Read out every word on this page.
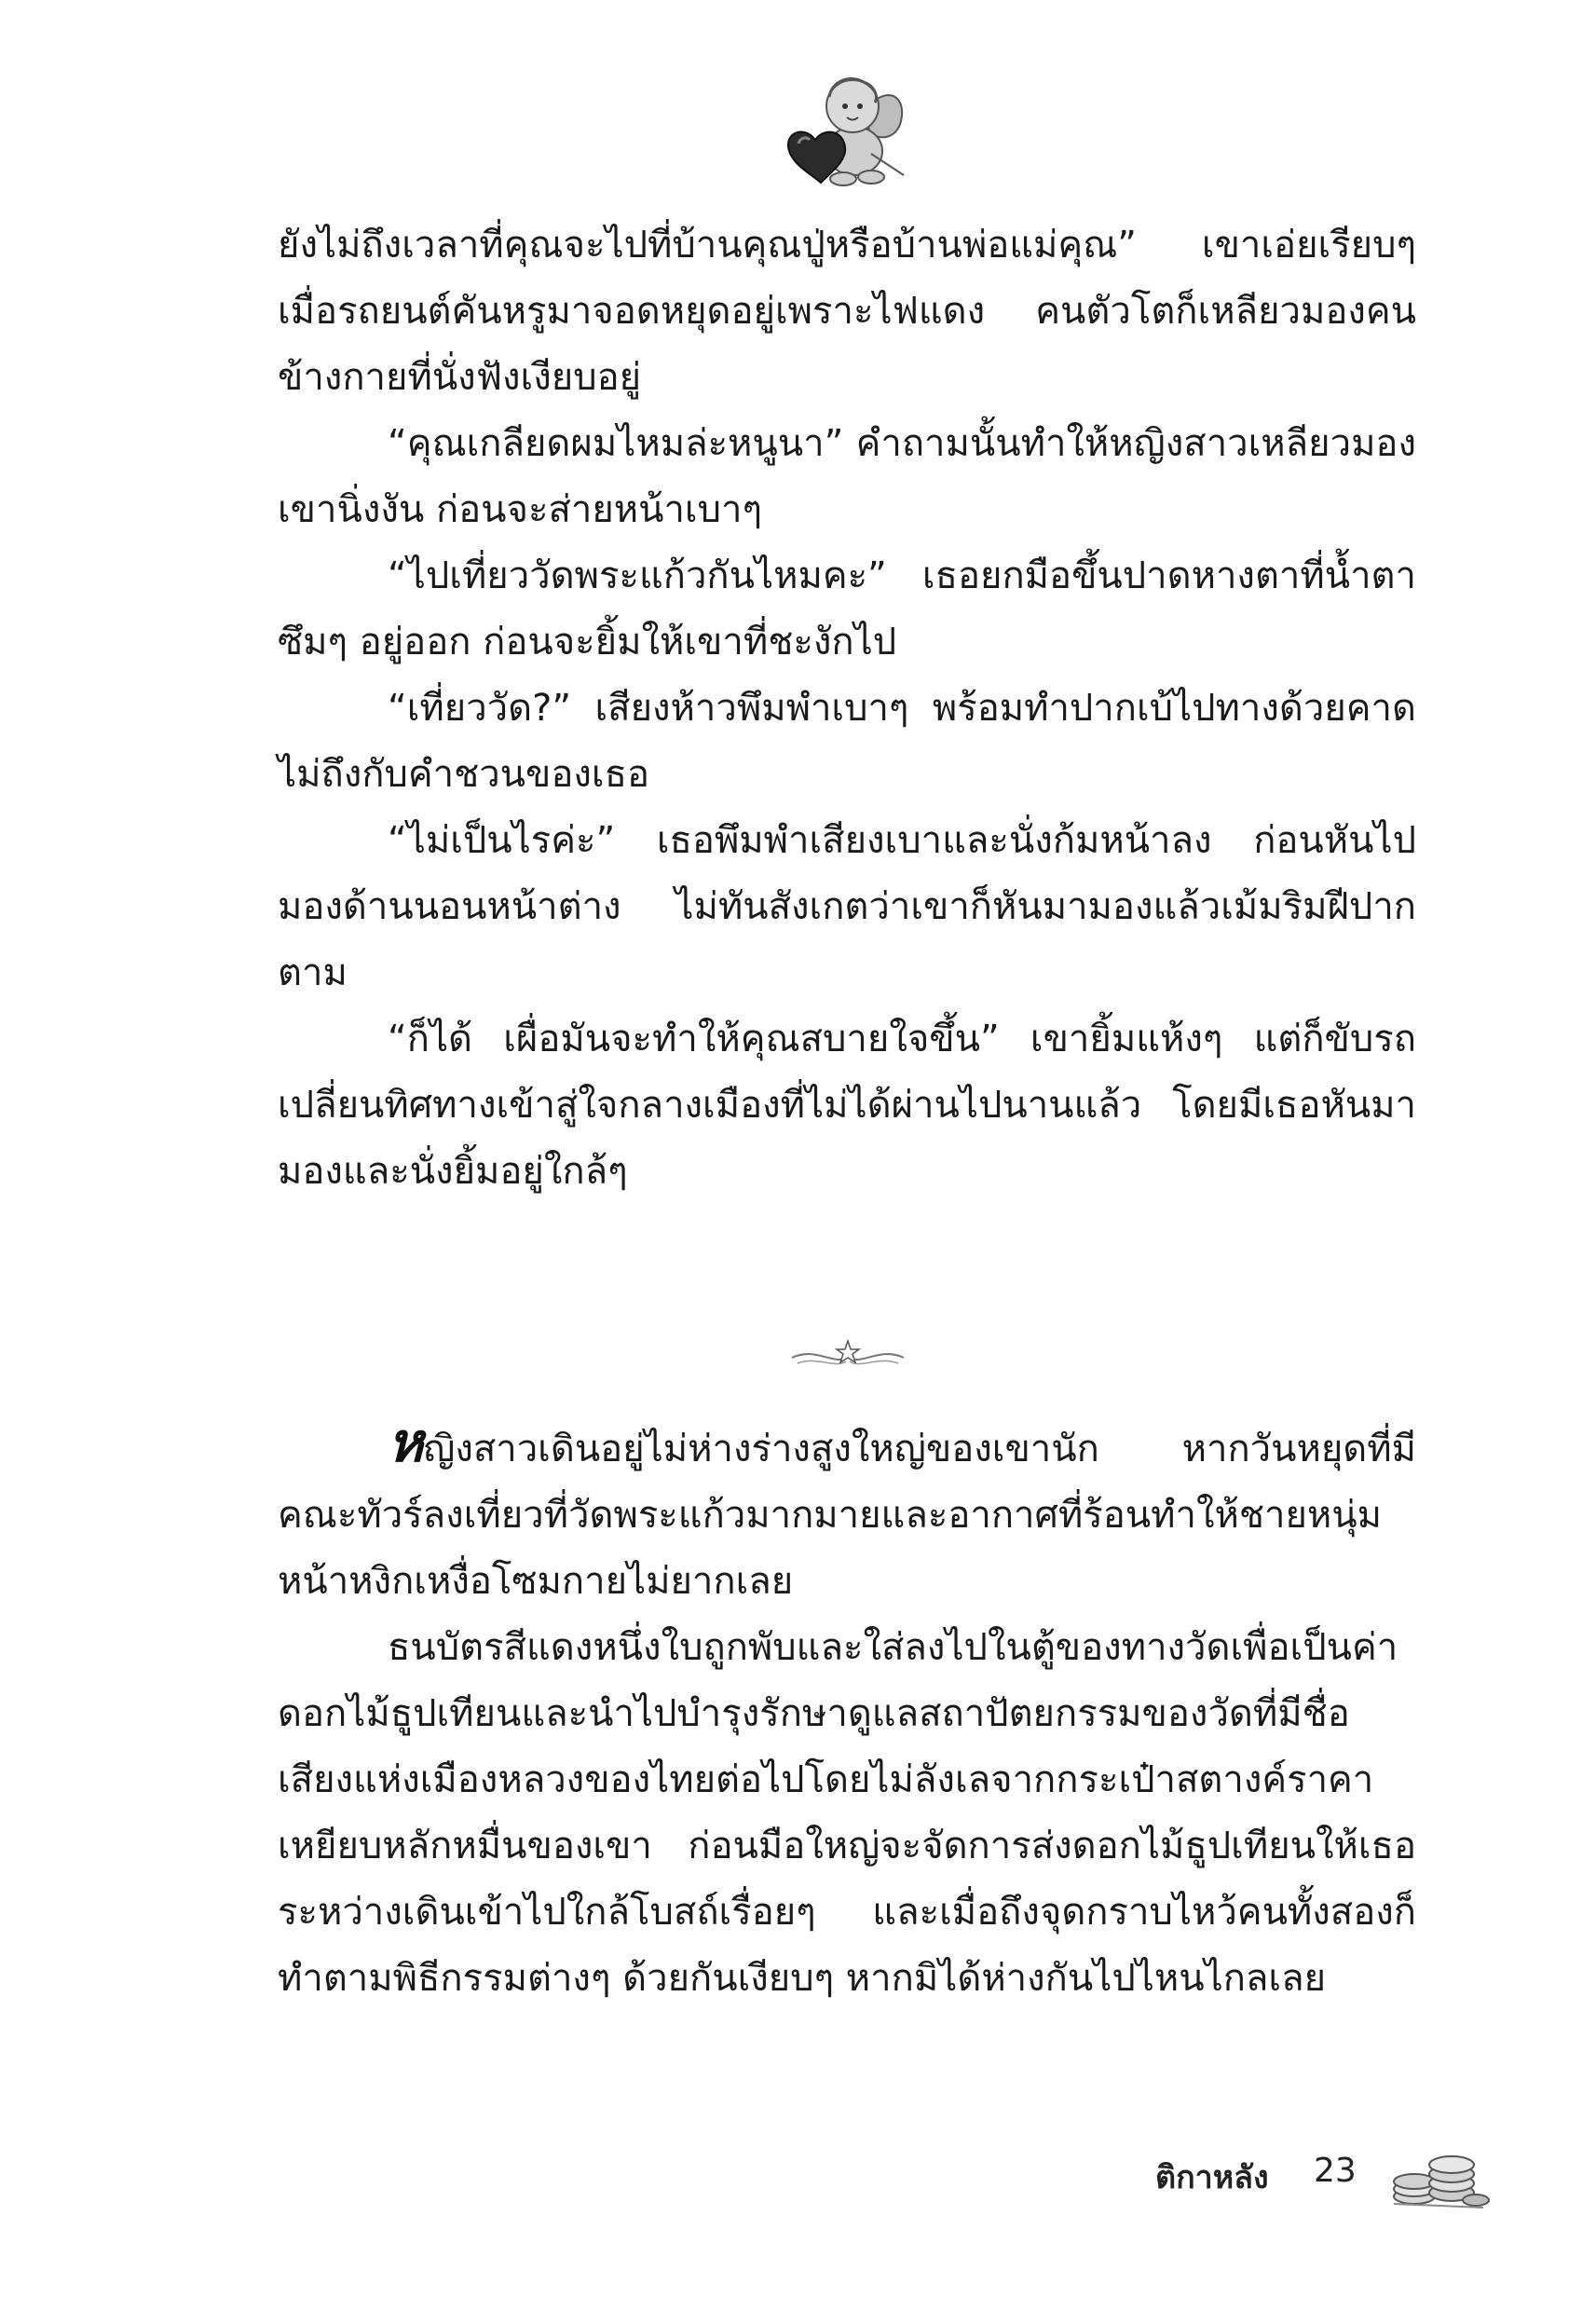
ยังไม่ถึงเวลาที่คุณจะไปที่บ้านคุณปู่หรือบ้านพ่อแม่คุณ” เขาเอ่ยเรียบๆ เมื่อรถยนต์คันหรูมาจอดหยุดอยู่เพราะไฟแดง คนตัวโตก็เหลียวมองคนข้างกายที่นั่งฟังเงียบอยู่

“คุณเกลียดผมไหมล่ะหนูนา” คำถามนั้นทำให้หญิงสาวเหลียวมองเขานิ่งงัน ก่อนจะส่ายหน้าเบาๆ

“ไปเที่ยววัดพระแก้วกันไหมคะ” เธอยกมือขึ้นปาดหางตาที่น้ำตาซึมๆ อยู่ออก ก่อนจะยิ้มให้เขาที่ชะงักไป

“เที่ยววัด?” เสียงห้าวพึมพำเบาๆ พร้อมทำปากเบ้ไปทางด้วยคาดไม่ถึงกับคำชวนของเธอ

“ไม่เป็นไรค่ะ” เธอพึมพำเสียงเบาและนั่งก้มหน้าลง ก่อนหันไปมองด้านนอนหน้าต่าง ไม่ทันสังเกตว่าเขาก็หันมามองแล้วเม้มริมฝีปากตาม

“ก็ได้ เผื่อมันจะทำให้คุณสบายใจขึ้น” เขายิ้มแห้งๆ แต่ก็ขับรถเปลี่ยนทิศทางเข้าสู่ใจกลางเมืองที่ไม่ได้ผ่านไปนานแล้ว โดยมีเธอหันมามองและนั่งยิ้มอยู่ใกล้ๆ

หญิงสาวเดินอยู่ไม่ห่างร่างสูงใหญ่ของเขานัก หากวันหยุดที่มีคณะทัวร์ลงเที่ยวที่วัดพระแก้วมากมายและอากาศที่ร้อนทำให้ชายหนุ่มหน้าหงิกเหงื่อโซมกายไม่ยากเลย

ธนบัตรสีแดงหนึ่งใบถูกพับและใส่ลงไปในตู้ของทางวัดเพื่อเป็นค่าดอกไม้ธูปเทียนและนำไปบำรุงรักษาดูแลสถาปัตยกรรมของวัดที่มีชื่อเสียงแห่งเมืองหลวงของไทยต่อไปโดยไม่ลังเลจากกระเป๋าสตางค์ราคาเหยียบหลักหมื่นของเขา ก่อนมือใหญ่จะจัดการส่งดอกไม้ธูปเทียนให้เธอระหว่างเดินเข้าไปใกล้โบสถ์เรื่อยๆ และเมื่อถึงจุดกราบไหว้คนทั้งสองก็ทำตามพิธีกรรมต่างๆ ด้วยกันเงียบๆ หากมิได้ห่างกันไปไหนไกลเลย

ติกาหลัง 23
